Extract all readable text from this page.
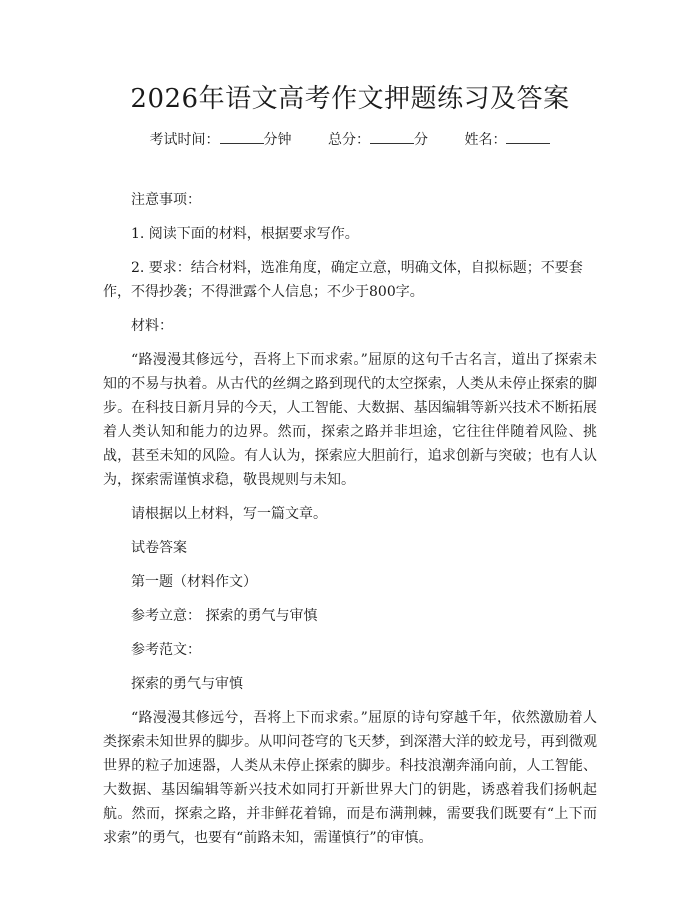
2026年语文高考作文押题练习及答案
考试时间：	分钟	总分：	分	姓名：

注意事项：

1. 阅读下面的材料，根据要求写作。

2. 要求：结合材料，选准角度，确定立意，明确文体，自拟标题；不要套作，不得抄袭；不得泄露个人信息；不少于800字。

材料：

“路漫漫其修远兮，吾将上下而求索。”屈原的这句千古名言，道出了探索未知的不易与执着。从古代的丝绸之路到现代的太空探索，人类从未停止探索的脚步。在科技日新月异的今天，人工智能、大数据、基因编辑等新兴技术不断拓展着人类认知和能力的边界。然而，探索之路并非坦途，它往往伴随着风险、挑战，甚至未知的风险。有人认为，探索应大胆前行，追求创新与突破；也有人认为，探索需谨慎求稳，敬畏规则与未知。

请根据以上材料，写一篇文章。

试卷答案

第一题（材料作文）

参考立意： 探索的勇气与审慎

参考范文：

探索的勇气与审慎

“路漫漫其修远兮，吾将上下而求索。”屈原的诗句穿越千年，依然激励着人类探索未知世界的脚步。从叩问苍穹的飞天梦，到深潜大洋的蛟龙号，再到微观世界的粒子加速器，人类从未停止探索的脚步。科技浪潮奔涌向前，人工智能、大数据、基因编辑等新兴技术如同打开新世界大门的钥匙，诱惑着我们扬帆起航。然而，探索之路，并非鲜花着锦，而是布满荆棘，需要我们既要有“上下而求索”的勇气，也要有“前路未知，需谨慎行”的审慎。
